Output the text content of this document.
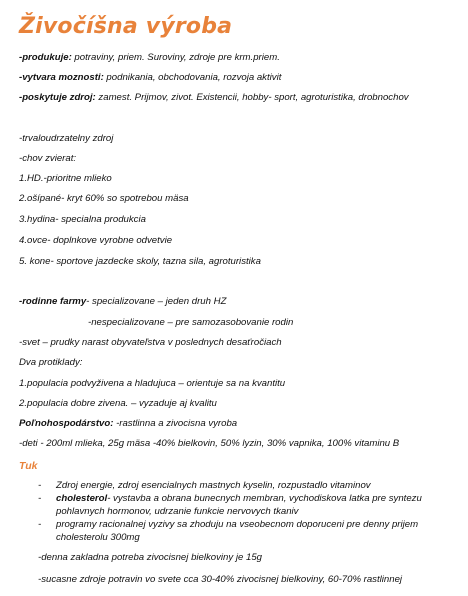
Živočíšna výroba
-produkuje: potraviny, priem. Suroviny, zdroje pre krm.priem.
-vytvara moznosti: podnikania, obchodovania, rozvoja aktivit
-poskytuje zdroj: zamest. Prijmov, zivot. Existencii, hobby- sport, agroturistika, drobnochov
-trvaloudrzatelny zdroj
-chov zvierat:
1.HD.-prioritne mlieko
2.ošípané- kryt 60% so spotrebou mäsa
3.hydina- specialna produkcia
4.ovce- doplnkove vyrobne odvetvie
5. kone- sportove jazdecke skoly, tazna sila, agroturistika
-rodinne farmy- specializovane – jeden druh HZ
-nespecializovane – pre samozasobovanie rodin
-svet – prudky narast obyvateľstva v poslednych desaťročiach
Dva protiklady:
1.populacia podvyživena a hladujuca – orientuje sa na kvantitu
2.populacia dobre zivena. – vyzaduje aj kvalitu
Poľnohospodárstvo: -rastlinna a zivocisna vyroba
-deti - 200ml mlieka, 25g mäsa -40% bielkovin, 50% lyzin, 30% vapnika, 100% vitaminu B
Tuk
- Zdroj energie, zdroj esencialnych mastnych kyselin, rozpustadlo vitaminov
- cholesterol- vystavba a obrana bunecnych membran, vychodiskova latka pre syntezu pohlavnych hormonov, udrzanie funkcie nervovych tkaniv
- programy racionalnej vyzivy sa zhoduju na vseobecnom doporuceni pre denny prijem cholesterolu 300mg
-denna zakladna potreba zivocisnej bielkoviny je 15g
-sucasne zdroje potravin vo svete cca 30-40% zivocisnej bielkoviny, 60-70% rastlinnej
